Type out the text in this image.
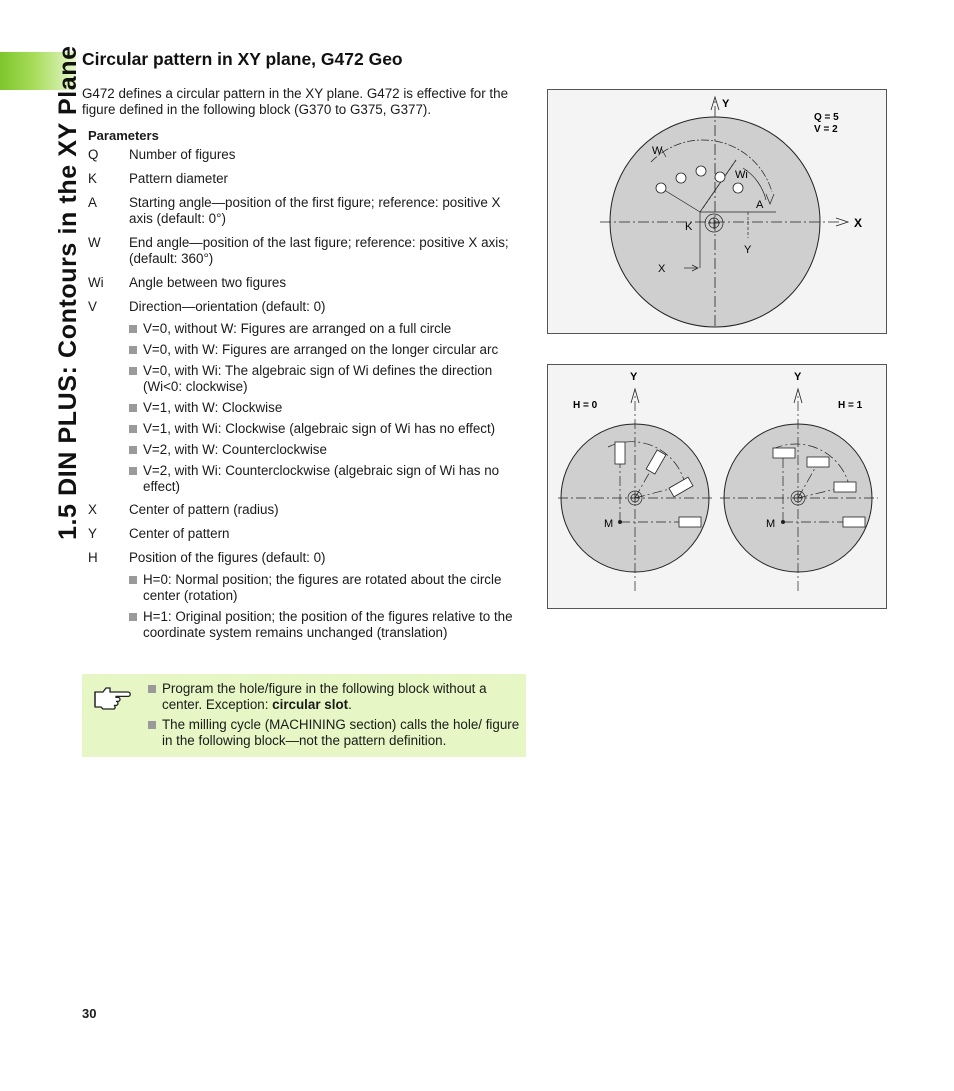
1.5 DIN PLUS: Contours in the XY Plane Circular pattern in XY plane, G472 Geo

G472 defines a circular pattern in the XY plane. G472 is effective for the figure defined in the following block (G370 to G375, G377).

Parameters
Q	Number of figures
K	Pattern diameter
A	Starting angle—position of the first figure; reference: positive X axis (default: 0°)
W	End angle—position of the last figure; reference: positive X axis; (default: 360°)
Wi	Angle between two figures
V	Direction—orientation (default: 0)
V=0, without W: Figures are arranged on a full circle
V=0, with W: Figures are arranged on the longer circular arc
V=0, with Wi: The algebraic sign of Wi defines the direction (Wi<0: clockwise)
V=1, with W: Clockwise
V=1, with Wi: Clockwise (algebraic sign of Wi has no effect)
V=2, with W: Counterclockwise
V=2, with Wi: Counterclockwise (algebraic sign of Wi has no effect)
X	Center of pattern (radius)
Y	Center of pattern
H	Position of the figures (default: 0)
H=0: Normal position; the figures are rotated about the circle center (rotation)
H=1: Original position; the position of the figures relative to the coordinate system remains unchanged (translation)
Program the hole/figure in the following block without a center. Exception: circular slot.
The milling cycle (MACHINING section) calls the hole/ figure in the following block—not the pattern definition.
30
X
Y
Q = 5
V = 2
W
Wi
A
K
X
Y
M
Y
H = 0
M
Y
H = 1
